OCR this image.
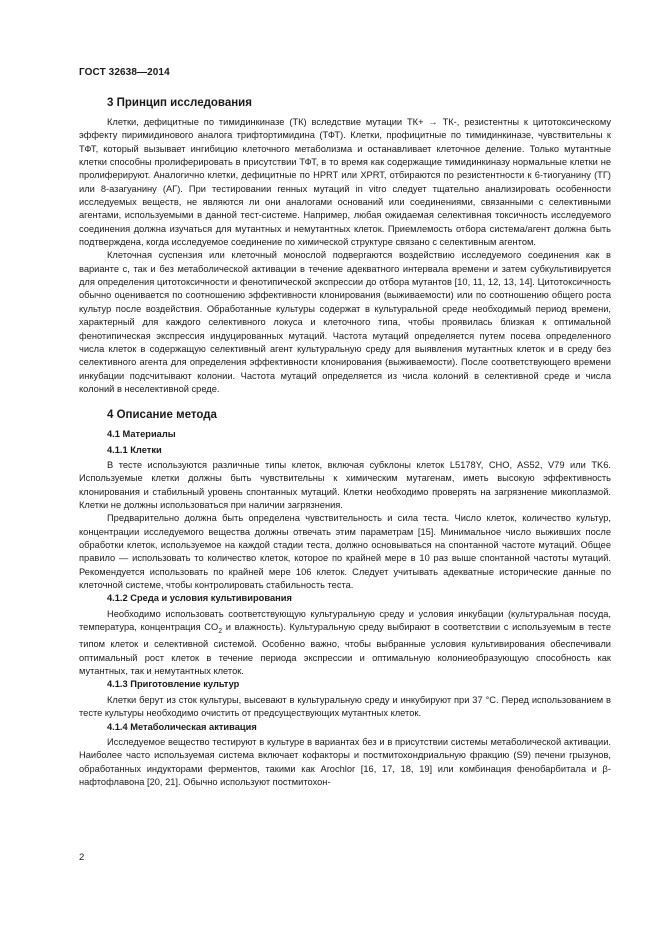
ГОСТ 32638—2014
3 Принцип исследования

Клетки, дефицитные по тимидинкиназе (ТК) вследствие мутации ТК+ → ТК-, резистентны к цитотоксическому эффекту пиримидинового аналога трифтортимидина (ТФТ). Клетки, профицитные по тимидинкиназе, чувствительны к ТФТ, который вызывает ингибицию клеточного метаболизма и останавливает клеточное деление. Только мутантные клетки способны пролиферировать в присутствии ТФТ, в то время как содержащие тимидинкиназу нормальные клетки не пролиферируют. Аналогично клетки, дефицитные по HPRT или XPRT, отбираются по резистентности к 6-тиогуанину (ТГ) или 8-азагуанину (АГ). При тестировании генных мутаций in vitro следует тщательно анализировать особенности исследуемых веществ, не являются ли они аналогами оснований или соединениями, связанными с селективными агентами, используемыми в данной тест-системе. Например, любая ожидаемая селективная токсичность исследуемого соединения должна изучаться для мутантных и немутантных клеток. Приемлемость отбора система/агент должна быть подтверждена, когда исследуемое соединение по химической структуре связано с селективным агентом.

Клеточная суспензия или клеточный монослой подвергаются воздействию исследуемого соединения как в варианте с, так и без метаболической активации в течение адекватного интервала времени и затем субкультивируется для определения цитотоксичности и фенотипической экспрессии до отбора мутантов [10, 11, 12, 13, 14]. Цитотоксичность обычно оценивается по соотношению эффективности клонирования (выживаемости) или по соотношению общего роста культур после воздействия. Обработанные культуры содержат в культуральной среде необходимый период времени, характерный для каждого селективного локуса и клеточного типа, чтобы проявилась близкая к оптимальной фенотипическая экспрессия индуцированных мутаций. Частота мутаций определяется путем посева определенного числа клеток в содержащую селективный агент культуральную среду для выявления мутантных клеток и в среду без селективного агента для определения эффективности клонирования (выживаемости). После соответствующего времени инкубации подсчитывают колонии. Частота мутаций определяется из числа колоний в селективной среде и числа колоний в неселективной среде.

4 Описание метода
4.1 Материалы
4.1.1 Клетки

В тесте используются различные типы клеток, включая субклоны клеток L5178Y, CHO, AS52, V79 или TK6. Используемые клетки должны быть чувствительны к химическим мутагенам, иметь высокую эффективность клонирования и стабильный уровень спонтанных мутаций. Клетки необходимо проверять на загрязнение микоплазмой. Клетки не должны использоваться при наличии загрязнения.

Предварительно должна быть определена чувствительность и сила теста. Число клеток, количество культур, концентрации исследуемого вещества должны отвечать этим параметрам [15]. Минимальное число выживших после обработки клеток, используемое на каждой стадии теста, должно основываться на спонтанной частоте мутаций. Общее правило — использовать то количество клеток, которое по крайней мере в 10 раз выше спонтанной частоты мутаций. Рекомендуется использовать по крайней мере 106 клеток. Следует учитывать адекватные исторические данные по клеточной системе, чтобы контролировать стабильность теста.

4.1.2 Среда и условия культивирования

Необходимо использовать соответствующую культуральную среду и условия инкубации (культуральная посуда, температура, концентрация $CO_2$ и влажность). Культуральную среду выбирают в соответствии с используемым в тесте типом клеток и селективной системой. Особенно важно, чтобы выбранные условия культивирования обеспечивали оптимальный рост клеток в течение периода экспрессии и оптимальную колониеобразующую способность как мутантных, так и немутантных клеток.

4.1.3 Приготовление культур

Клетки берут из сток культуры, высевают в культуральную среду и инкубируют при 37 °С. Перед использованием в тесте культуры необходимо очистить от предсуществующих мутантных клеток.

4.1.4 Метаболическая активация

Исследуемое вещество тестируют в культуре в вариантах без и в присутствии системы метаболической активации. Наиболее часто используемая система включает кофакторы и постмитохондриальную фракцию (S9) печени грызунов, обработанных индукторами ферментов, такими как Arochlor [16, 17, 18, 19] или комбинация фенобарбитала и β-нафтофлавона [20, 21]. Обычно используют постмитохон-

2
